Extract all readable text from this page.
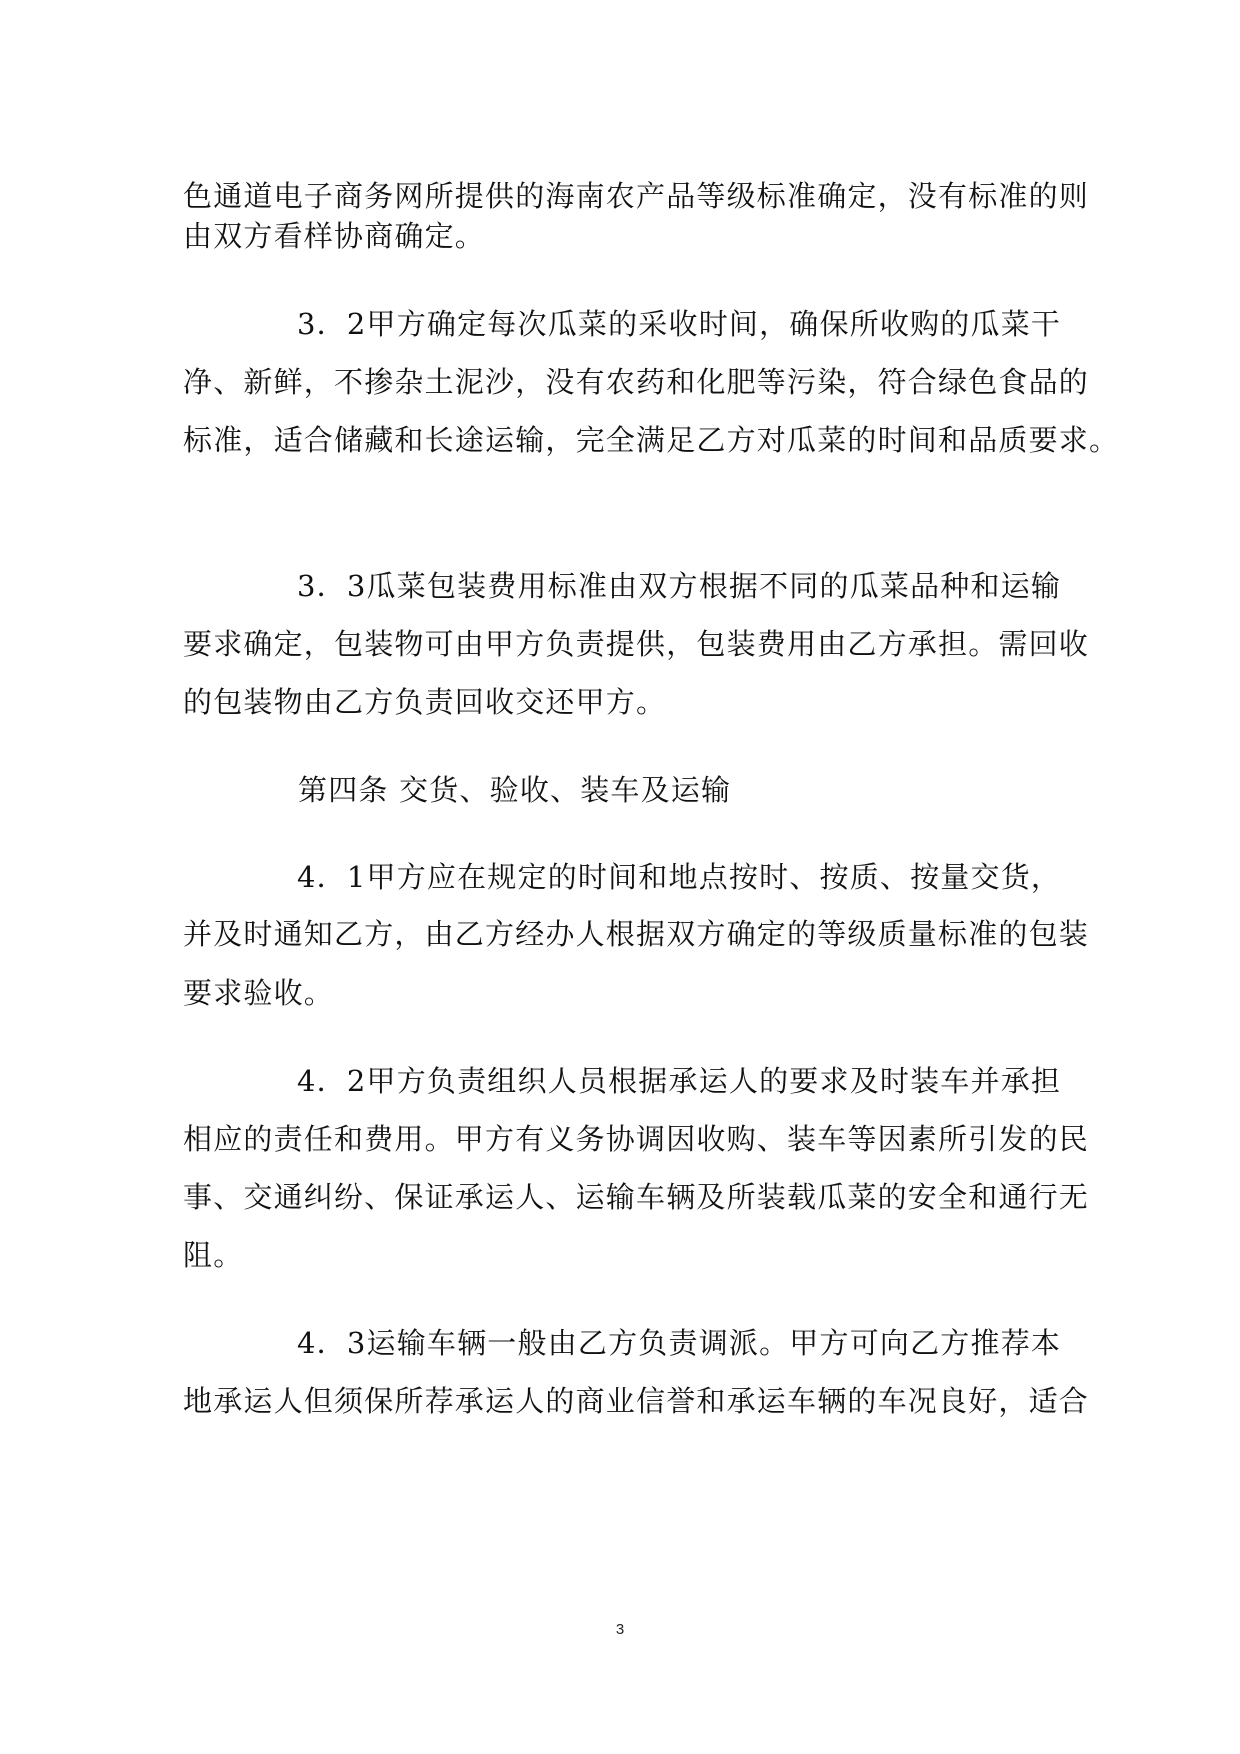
色通道电子商务网所提供的海南农产品等级标准确定，没有标准的则
由双方看样协商确定。
3．2甲方确定每次瓜菜的采收时间，确保所收购的瓜菜干
净、新鲜，不掺杂土泥沙，没有农药和化肥等污染，符合绿色食品的
标准，适合储藏和长途运输，完全满足乙方对瓜菜的时间和品质要求。
3．3瓜菜包装费用标准由双方根据不同的瓜菜品种和运输
要求确定，包装物可由甲方负责提供，包装费用由乙方承担。需回收
的包装物由乙方负责回收交还甲方。
第四条 交货、验收、装车及运输
4．1甲方应在规定的时间和地点按时、按质、按量交货，
并及时通知乙方，由乙方经办人根据双方确定的等级质量标准的包装
要求验收。
4．2甲方负责组织人员根据承运人的要求及时装车并承担
相应的责任和费用。甲方有义务协调因收购、装车等因素所引发的民
事、交通纠纷、保证承运人、运输车辆及所装载瓜菜的安全和通行无
阻。
4．3运输车辆一般由乙方负责调派。甲方可向乙方推荐本
地承运人但须保所荐承运人的商业信誉和承运车辆的车况良好，适合
3
